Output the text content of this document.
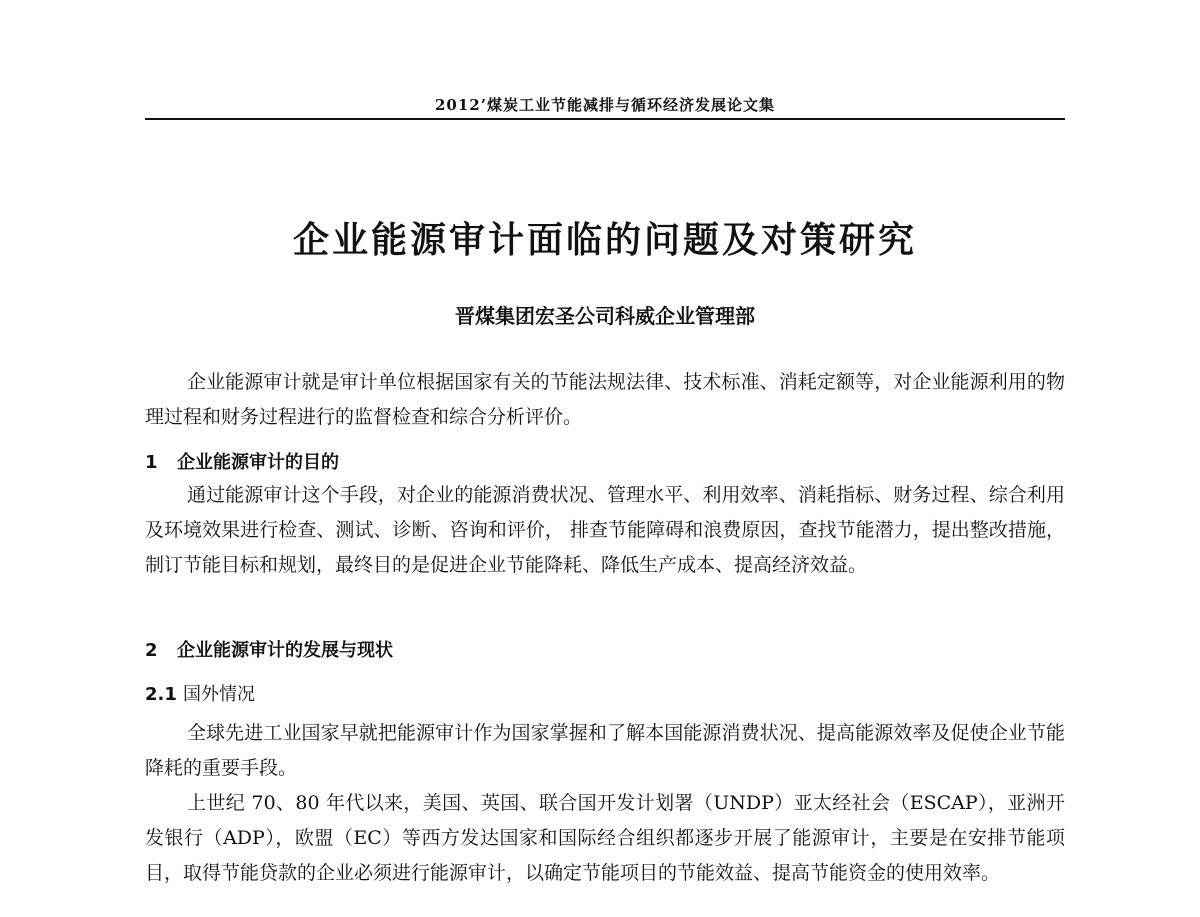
2012’煤炭工业节能减排与循环经济发展论文集
企业能源审计面临的问题及对策研究
晋煤集团宏圣公司科威企业管理部

企业能源审计就是审计单位根据国家有关的节能法规法律、技术标准、消耗定额等，对企业能源利用的物理过程和财务过程进行的监督检查和综合分析评价。

1 企业能源审计的目的

通过能源审计这个手段，对企业的能源消费状况、管理水平、利用效率、消耗指标、财务过程、综合利用及环境效果进行检查、测试、诊断、咨询和评价， 排查节能障碍和浪费原因，查找节能潜力，提出整改措施，制订节能目标和规划，最终目的是促进企业节能降耗、降低生产成本、提高经济效益。

2 企业能源审计的发展与现状
2.1 国外情况

全球先进工业国家早就把能源审计作为国家掌握和了解本国能源消费状况、提高能源效率及促使企业节能降耗的重要手段。

上世纪 70、80 年代以来，美国、英国、联合国开发计划署（UNDP）亚太经社会（ESCAP），亚洲开发银行（ADP），欧盟（EC）等西方发达国家和国际经合组织都逐步开展了能源审计，主要是在安排节能项目，取得节能贷款的企业必须进行能源审计，以确定节能项目的节能效益、提高节能资金的使用效率。
